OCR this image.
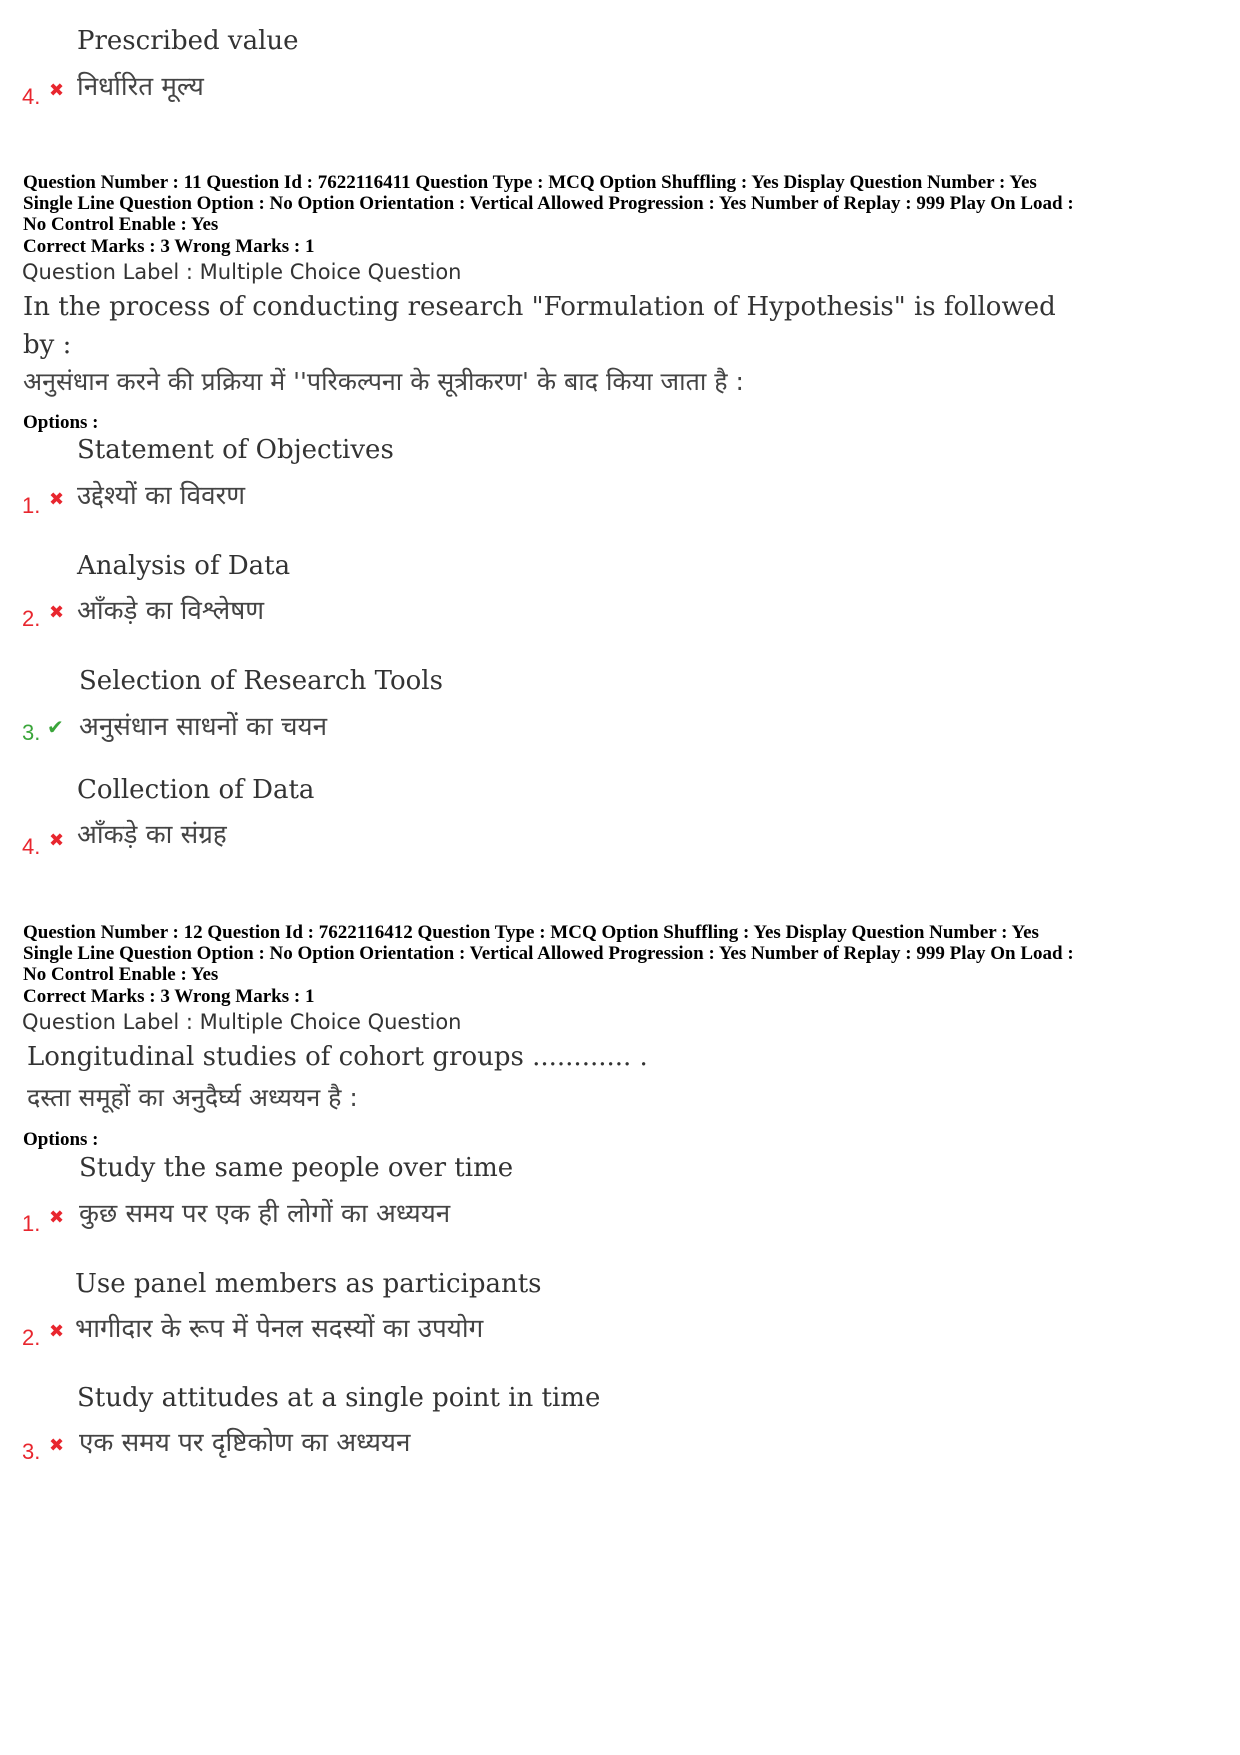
Prescribed value
4. ✖ निर्धारित मूल्य
Question Number : 11 Question Id : 7622116411 Question Type : MCQ Option Shuffling : Yes Display Question Number : Yes
Single Line Question Option : No Option Orientation : Vertical Allowed Progression : Yes Number of Replay : 999 Play On Load :
No Control Enable : Yes
Correct Marks : 3 Wrong Marks : 1
Question Label : Multiple Choice Question
In the process of conducting research "Formulation of Hypothesis" is followed by :
अनुसंधान करने की प्रक्रिया में ''परिकल्पना के सूत्रीकरण' के बाद किया जाता है :
Options :
Statement of Objectives
1. ✖ उद्देश्यों का विवरण
Analysis of Data
2. ✖ आँकड़े का विश्लेषण
Selection of Research Tools
3. ✔ अनुसंधान साधनों का चयन
Collection of Data
4. ✖ आँकड़े का संग्रह
Question Number : 12 Question Id : 7622116412 Question Type : MCQ Option Shuffling : Yes Display Question Number : Yes
Single Line Question Option : No Option Orientation : Vertical Allowed Progression : Yes Number of Replay : 999 Play On Load :
No Control Enable : Yes
Correct Marks : 3 Wrong Marks : 1
Question Label : Multiple Choice Question
Longitudinal studies of cohort groups ............ .
दस्ता समूहों का अनुदैर्घ्य अध्ययन है :
Options :
Study the same people over time
1. ✖ कुछ समय पर एक ही लोगों का अध्ययन
Use panel members as participants
2. ✖ भागीदार के रूप में पेनल सदस्यों का उपयोग
Study attitudes at a single point in time
3. ✖ एक समय पर दृष्टिकोण का अध्ययन
